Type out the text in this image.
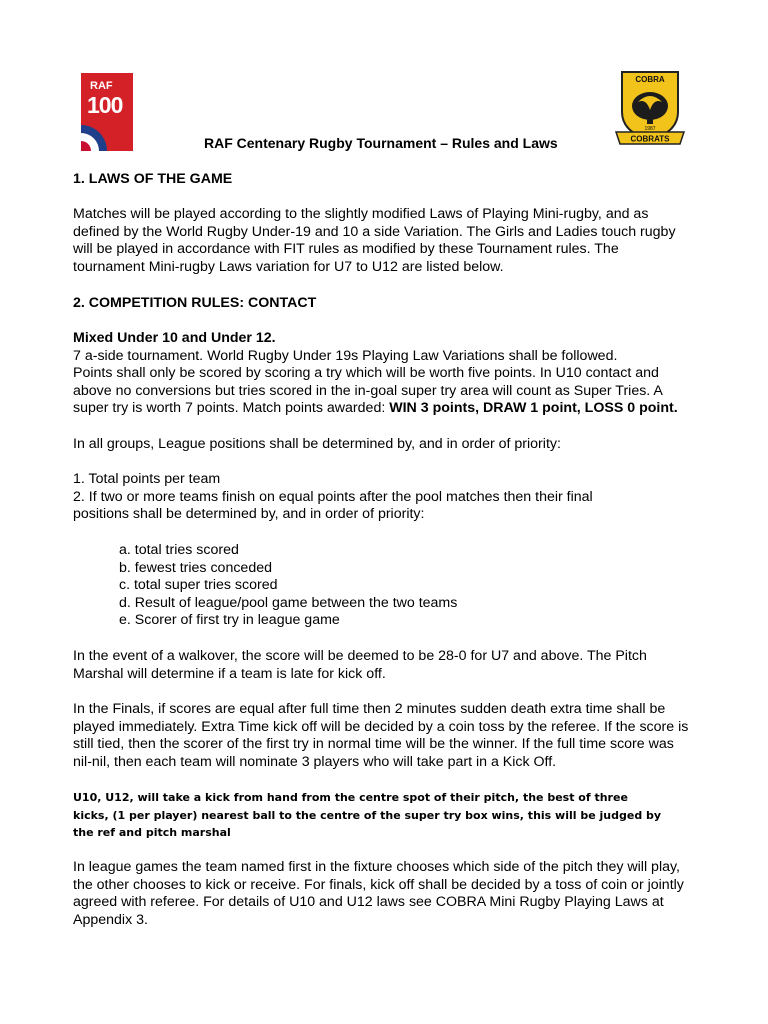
RAF
100
COBRA
1987
COBRATS
RAF Centenary Rugby Tournament – Rules and Laws
1. LAWS OF THE GAME
Matches will be played according to the slightly modified Laws of Playing Mini-rugby, and as
defined by the World Rugby Under-19 and 10 a side Variation. The Girls and Ladies touch rugby
will be played in accordance with FIT rules as modified by these Tournament rules. The
tournament Mini-rugby Laws variation for U7 to U12 are listed below.
2. COMPETITION RULES: CONTACT
Mixed Under 10 and Under 12.
7 a-side tournament. World Rugby Under 19s Playing Law Variations shall be followed.
Points shall only be scored by scoring a try which will be worth five points. In U10 contact and
above no conversions but tries scored in the in-goal super try area will count as Super Tries. A
super try is worth 7 points. Match points awarded: WIN 3 points, DRAW 1 point, LOSS 0 point.
In all groups, League positions shall be determined by, and in order of priority:
1. Total points per team
2. If two or more teams finish on equal points after the pool matches then their final
positions shall be determined by, and in order of priority:
a. total tries scored
b. fewest tries conceded
c. total super tries scored
d. Result of league/pool game between the two teams
e. Scorer of first try in league game
In the event of a walkover, the score will be deemed to be 28-0 for U7 and above. The Pitch
Marshal will determine if a team is late for kick off.
In the Finals, if scores are equal after full time then 2 minutes sudden death extra time shall be
played immediately. Extra Time kick off will be decided by a coin toss by the referee. If the score is
still tied, then the scorer of the first try in normal time will be the winner. If the full time score was
nil-nil, then each team will nominate 3 players who will take part in a Kick Off.
U10, U12, will take a kick from hand from the centre spot of their pitch, the best of three
kicks, (1 per player) nearest ball to the centre of the super try box wins, this will be judged by
the ref and pitch marshal
In league games the team named first in the fixture chooses which side of the pitch they will play,
the other chooses to kick or receive. For finals, kick off shall be decided by a toss of coin or jointly
agreed with referee. For details of U10 and U12 laws see COBRA Mini Rugby Playing Laws at
Appendix 3.
